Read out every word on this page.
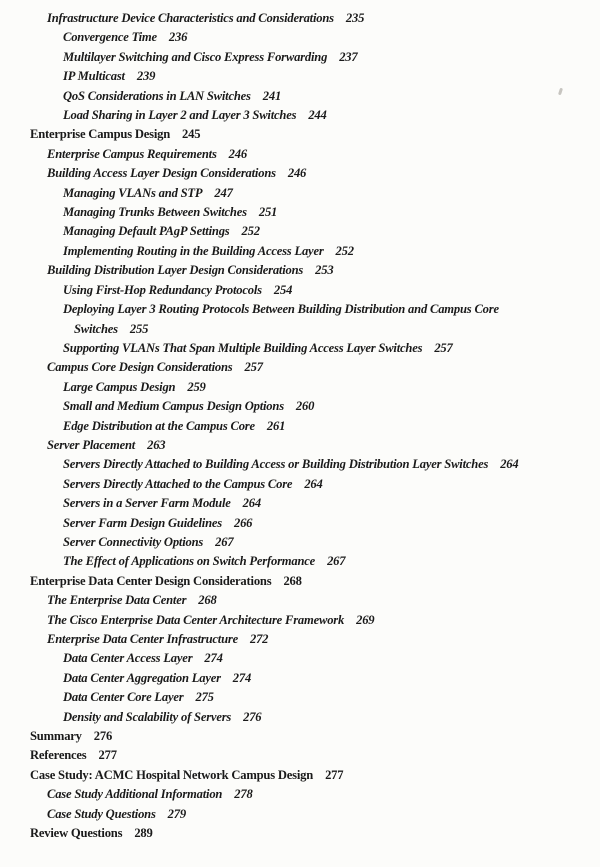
Infrastructure Device Characteristics and Considerations 235
Convergence Time 236
Multilayer Switching and Cisco Express Forwarding 237
IP Multicast 239
QoS Considerations in LAN Switches 241
Load Sharing in Layer 2 and Layer 3 Switches 244
Enterprise Campus Design 245
Enterprise Campus Requirements 246
Building Access Layer Design Considerations 246
Managing VLANs and STP 247
Managing Trunks Between Switches 251
Managing Default PAgP Settings 252
Implementing Routing in the Building Access Layer 252
Building Distribution Layer Design Considerations 253
Using First-Hop Redundancy Protocols 254
Deploying Layer 3 Routing Protocols Between Building Distribution and Campus Core
Switches 255
Supporting VLANs That Span Multiple Building Access Layer Switches 257
Campus Core Design Considerations 257
Large Campus Design 259
Small and Medium Campus Design Options 260
Edge Distribution at the Campus Core 261
Server Placement 263
Servers Directly Attached to Building Access or Building Distribution Layer Switches 264
Servers Directly Attached to the Campus Core 264
Servers in a Server Farm Module 264
Server Farm Design Guidelines 266
Server Connectivity Options 267
The Effect of Applications on Switch Performance 267
Enterprise Data Center Design Considerations 268
The Enterprise Data Center 268
The Cisco Enterprise Data Center Architecture Framework 269
Enterprise Data Center Infrastructure 272
Data Center Access Layer 274
Data Center Aggregation Layer 274
Data Center Core Layer 275
Density and Scalability of Servers 276
Summary 276
References 277
Case Study: ACMC Hospital Network Campus Design 277
Case Study Additional Information 278
Case Study Questions 279
Review Questions 289
